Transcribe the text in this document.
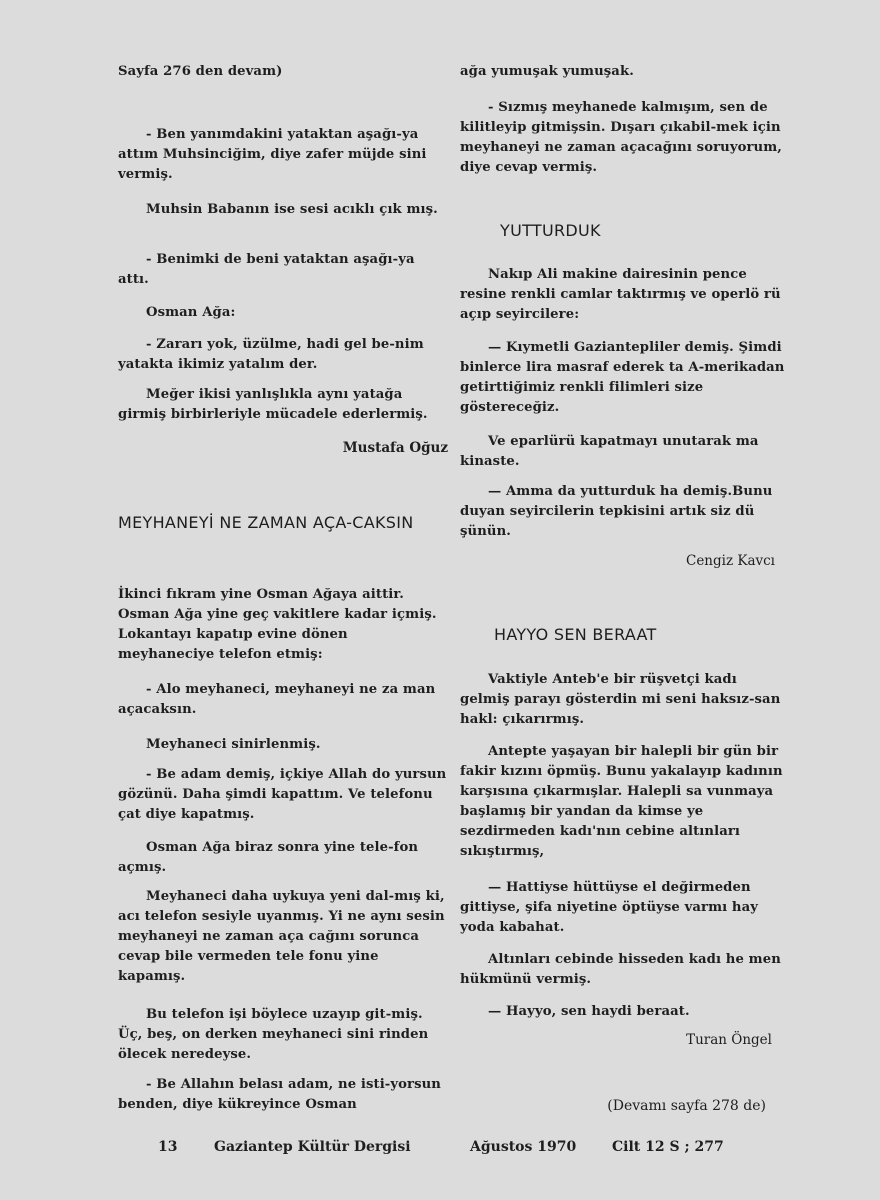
Sayfa 276 den devam)

- Ben yanımdakini yataktan aşağı-ya attım Muhsinciğim, diye zafer müjde sini vermiş.

Muhsin Babanın ise sesi acıklı çık mış.

- Benimki de beni yataktan aşağı-ya attı.

Osman Ağa:

- Zararı yok, üzülme, hadi gel be-nim yatakta ikimiz yatalım der.

Meğer ikisi yanlışlıkla aynı yatağa girmiş birbirleriyle mücadele ederlermiş.

Mustafa Oğuz
MEYHANEYİ NE ZAMAN AÇA-CAKSIN

İkinci fıkram yine Osman Ağaya aittir. Osman Ağa yine geç vakitlere kadar içmiş. Lokantayı kapatıp evine dönen meyhaneciye telefon etmiş:

- Alo meyhaneci, meyhaneyi ne za man açacaksın.

Meyhaneci sinirlenmiş.

- Be adam demiş, içkiye Allah do yursun gözünü. Daha şimdi kapattım. Ve telefonu çat diye kapatmış.

Osman Ağa biraz sonra yine tele-fon açmış.

Meyhaneci daha uykuya yeni dal-mış ki, acı telefon sesiyle uyanmış. Yi ne aynı sesin meyhaneyi ne zaman aça cağını sorunca cevap bile vermeden tele fonu yine kapamış.

Bu telefon işi böylece uzayıp git-miş. Üç, beş, on derken meyhaneci sini rinden ölecek neredeyse.

- Be Allahın belası adam, ne isti-yorsun benden, diye kükreyince Osman

ağa yumuşak yumuşak.

- Sızmış meyhanede kalmışım, sen de kilitleyip gitmişsin. Dışarı çıkabil-mek için meyhaneyi ne zaman açacağını soruyorum, diye cevap vermiş.

YUTTURDUK

Nakıp Ali makine dairesinin pence resine renkli camlar taktırmış ve operlö rü açıp seyircilere:

— Kıymetli Gaziantepliler demiş. Şimdi binlerce lira masraf ederek ta A-merikadan getirttiğimiz renkli filimleri size göstereceğiz.

Ve eparlürü kapatmayı unutarak ma kinaste.

— Amma da yutturduk ha demiş.Bunu duyan seyircilerin tepkisini artık siz dü şünün.

Cengiz Kavcı
HAYYO SEN BERAAT

Vaktiyle Anteb'e bir rüşvetçi kadı gelmiş parayı gösterdin mi seni haksız-san hakl: çıkarırmış.

Antepte yaşayan bir halepli bir gün bir fakir kızını öpmüş. Bunu yakalayıp kadının karşısına çıkarmışlar. Halepli sa vunmaya başlamış bir yandan da kimse ye sezdirmeden kadı'nın cebine altınları sıkıştırmış,

— Hattiyse hüttüyse el değirmeden gittiyse, şifa niyetine öptüyse varmı hay yoda kabahat.

Altınları cebinde hisseden kadı he men hükmünü vermiş.

— Hayyo, sen haydi beraat.

Turan Öngel
(Devamı sayfa 278 de)
13	Gaziantep Kültür Dergisi	Ağustos 1970	Cilt 12 S ; 277
